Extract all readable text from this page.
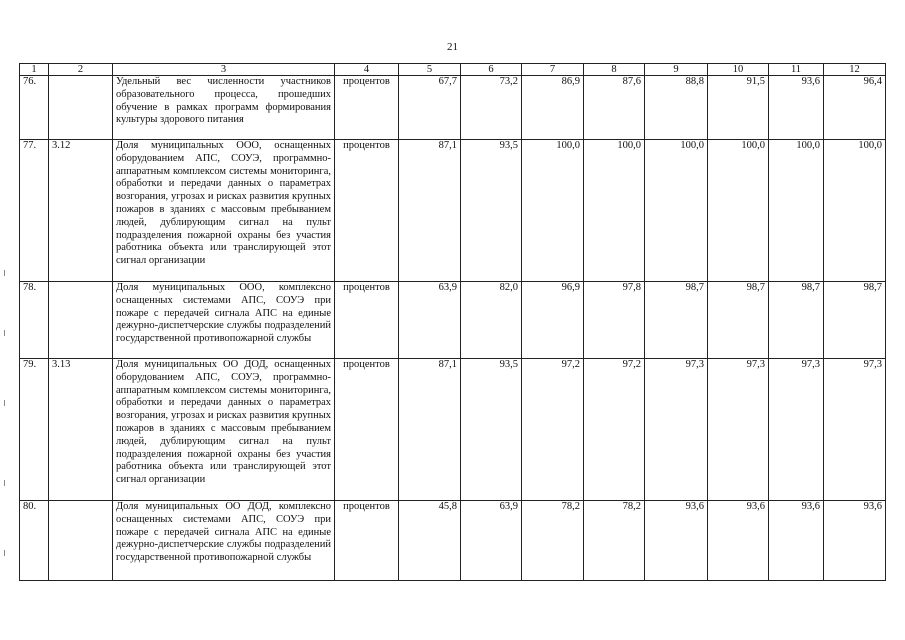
21
1	2	3	4	5	6	7	8	9	10	11	12
76.		Удельный вес численности участников образовательного процесса, прошедших обучение в рамках программ формирования культуры здорового питания	процентов	67,7	73,2	86,9	87,6	88,8	91,5	93,6	96,4
77.	3.12	Доля муниципальных ООО, оснащенных оборудованием АПС, СОУЭ, программно-аппаратным комплексом системы мониторинга, обработки и передачи данных о параметрах возгорания, угрозах и рисках развития крупных пожаров в зданиях с массовым пребыванием людей, дублирующим сигнал на пульт подразделения пожарной охраны без участия работника объекта или транслирующей этот сигнал организации	процентов	87,1	93,5	100,0	100,0	100,0	100,0	100,0	100,0
78.		Доля муниципальных ООО, комплексно оснащенных системами АПС, СОУЭ при пожаре с передачей сигнала АПС на единые дежурно-диспетчерские службы подразделений государственной противопожарной службы	процентов	63,9	82,0	96,9	97,8	98,7	98,7	98,7	98,7
79.	3.13	Доля муниципальных ОО ДОД, оснащенных оборудованием АПС, СОУЭ, программно-аппаратным комплексом системы мониторинга, обработки и передачи данных о параметрах возгорания, угрозах и рисках развития крупных пожаров в зданиях с массовым пребыванием людей, дублирующим сигнал на пульт подразделения пожарной охраны без участия работника объекта или транслирующей этот сигнал организации	процентов	87,1	93,5	97,2	97,2	97,3	97,3	97,3	97,3
80.		Доля муниципальных ОО ДОД, комплексно оснащенных системами АПС, СОУЭ при пожаре с передачей сигнала АПС на единые дежурно-диспетчерские службы подразделений государственной противопожарной службы	процентов	45,8	63,9	78,2	78,2	93,6	93,6	93,6	93,6
